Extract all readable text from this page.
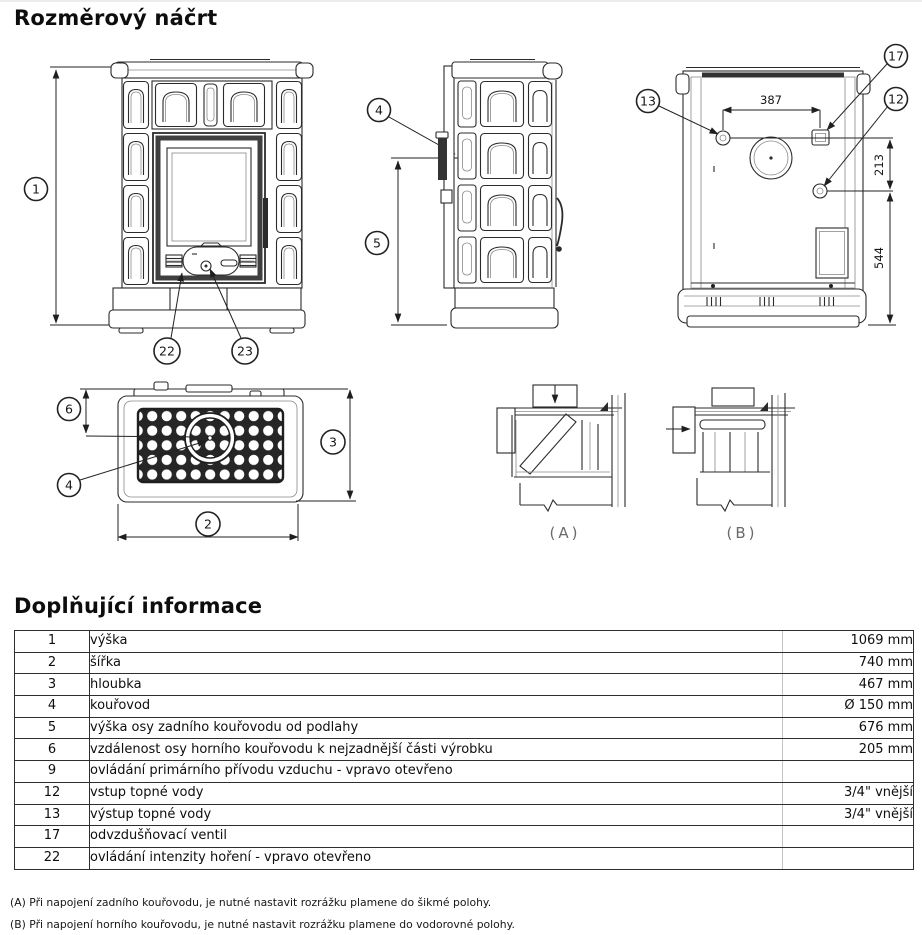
Rozměrový náčrt
1
22	23
4
5
387
213
544
13
17
12
6
3
4
2	(A)	(B)
Doplňující informace
1	výška	1069 mm
2	šířka	740 mm
3	hloubka	467 mm
4	kouřovod	Ø 150 mm
5	výška osy zadního kouřovodu od podlahy	676 mm
6	vzdálenost osy horního kouřovodu k nejzadnější části výrobku	205 mm
9	ovládání primárního přívodu vzduchu - vpravo otevřeno	
12	vstup topné vody	3/4" vnější
13	výstup topné vody	3/4" vnější
17	odvzdušňovací ventil	
22	ovládání intenzity hoření - vpravo otevřeno	

(A) Při napojení zadního kouřovodu, je nutné nastavit rozrážku plamene do šikmé polohy.

(B) Při napojení horního kouřovodu, je nutné nastavit rozrážku plamene do vodorovné polohy.
